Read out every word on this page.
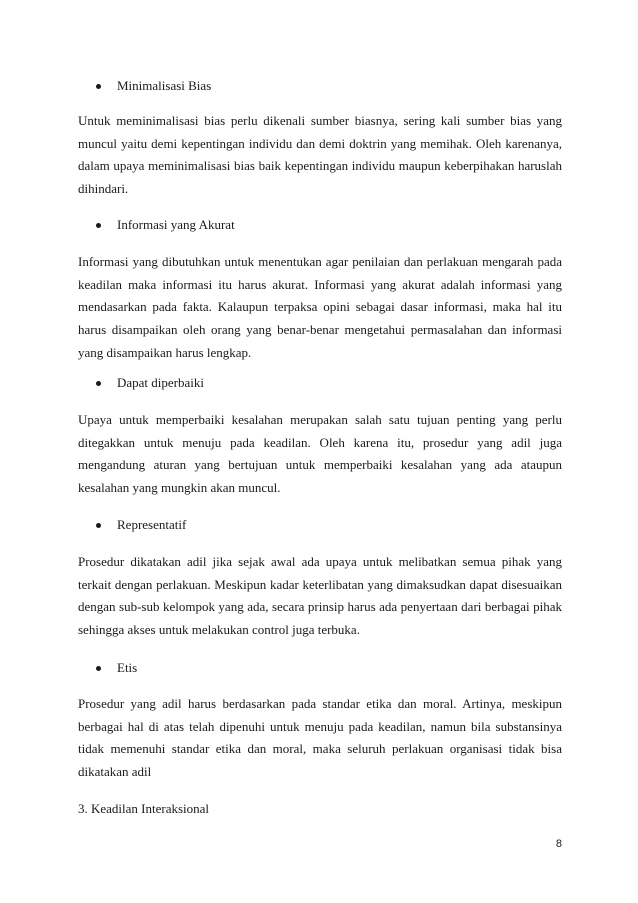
Minimalisasi Bias

Untuk meminimalisasi bias perlu dikenali sumber biasnya, sering kali sumber bias yang muncul yaitu demi kepentingan individu dan demi doktrin yang memihak. Oleh karenanya, dalam upaya meminimalisasi bias baik kepentingan individu maupun keberpihakan haruslah dihindari.

Informasi yang Akurat

Informasi yang dibutuhkan untuk menentukan agar penilaian dan perlakuan mengarah pada keadilan maka informasi itu harus akurat. Informasi yang akurat adalah informasi yang mendasarkan pada fakta. Kalaupun terpaksa opini sebagai dasar informasi, maka hal itu harus disampaikan oleh orang yang benar-benar mengetahui permasalahan dan informasi yang disampaikan harus lengkap.

Dapat diperbaiki

Upaya untuk memperbaiki kesalahan merupakan salah satu tujuan penting yang perlu ditegakkan untuk menuju pada keadilan. Oleh karena itu, prosedur yang adil juga mengandung aturan yang bertujuan untuk memperbaiki kesalahan yang ada ataupun kesalahan yang mungkin akan muncul.

Representatif

Prosedur dikatakan adil jika sejak awal ada upaya untuk melibatkan semua pihak yang terkait dengan perlakuan. Meskipun kadar keterlibatan yang dimaksudkan dapat disesuaikan dengan sub-sub kelompok yang ada, secara prinsip harus ada penyertaan dari berbagai pihak sehingga akses untuk melakukan control juga terbuka.

Etis

Prosedur yang adil harus berdasarkan pada standar etika dan moral. Artinya, meskipun berbagai hal di atas telah dipenuhi untuk menuju pada keadilan, namun bila substansinya tidak memenuhi standar etika dan moral, maka seluruh perlakuan organisasi tidak bisa dikatakan adil

3. Keadilan Interaksional
8
